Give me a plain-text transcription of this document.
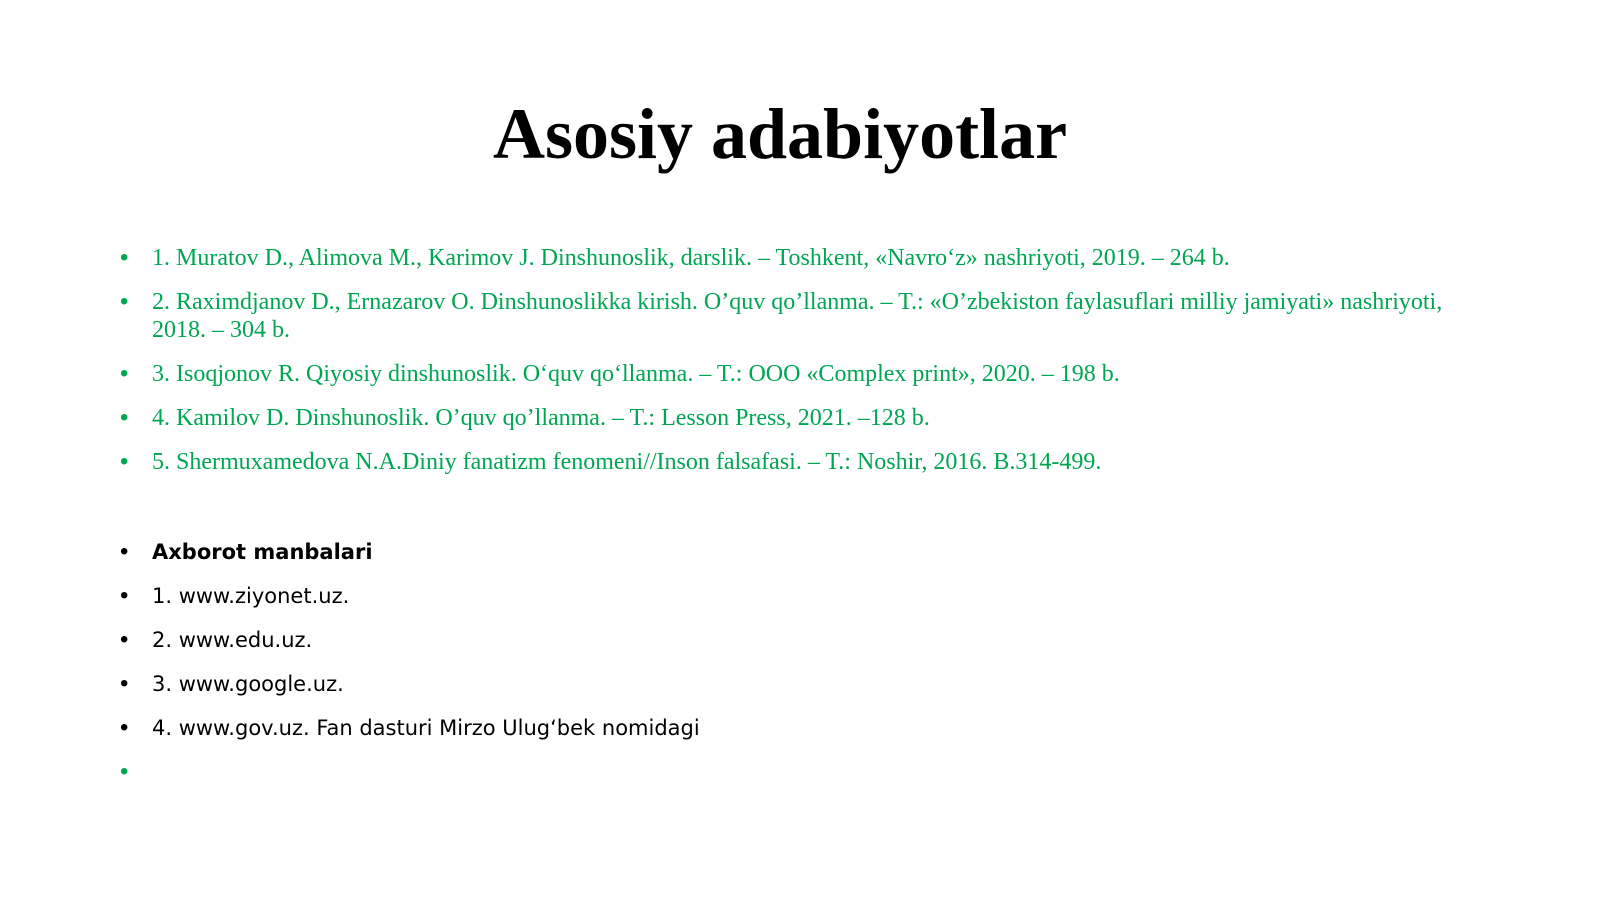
Asosiy adabiyotlar
• 1. Muratov D., Alimova M., Karimov J. Dinshunoslik, darslik. – Toshkent, «Navro‘z» nashriyoti, 2019. – 264 b.
• 2. Raximdjanov D., Ernazarov O. Dinshunoslikka kirish. O’quv qo’llanma. – T.: «O’zbekiston faylasuflari milliy jamiyati» nashriyoti, 2018. – 304 b.
• 3. Isoqjonov R. Qiyosiy dinshunoslik. O‘quv qo‘llanma. – T.: OOO «Complex print», 2020. – 198 b.
• 4. Kamilov D. Dinshunoslik. O’quv qo’llanma. – T.: Lesson Press, 2021. –128 b.
• 5. Shermuxamedova N.A.Diniy fanatizm fenomeni//Inson falsafasi. – T.: Noshir, 2016. B.314-499.
• Axborot manbalari
• 1. www.ziyonet.uz.
• 2. www.edu.uz.
• 3. www.google.uz.
• 4. www.gov.uz. Fan dasturi Mirzo Ulug‘bek nomidagi
•
